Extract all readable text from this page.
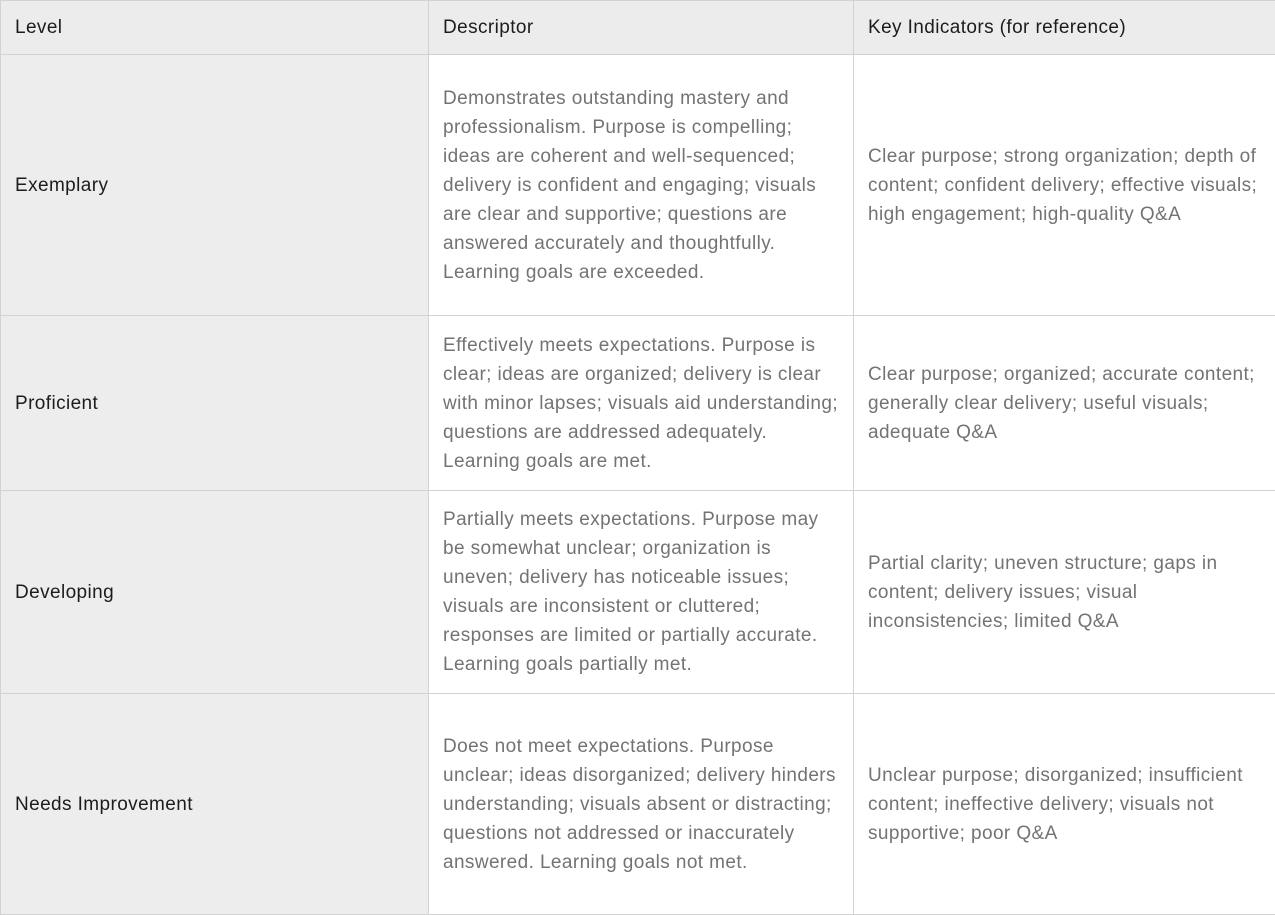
Level	Descriptor	Key Indicators (for reference)
Exemplary	Demonstrates outstanding mastery and professionalism. Purpose is compelling; ideas are coherent and well-sequenced; delivery is confident and engaging; visuals are clear and supportive; questions are answered accurately and thoughtfully. Learning goals are exceeded.	Clear purpose; strong organization; depth of content; confident delivery; effective visuals; high engagement; high-quality Q&A
Proficient	Effectively meets expectations. Purpose is clear; ideas are organized; delivery is clear with minor lapses; visuals aid understanding; questions are addressed adequately. Learning goals are met.	Clear purpose; organized; accurate content; generally clear delivery; useful visuals; adequate Q&A
Developing	Partially meets expectations. Purpose may be somewhat unclear; organization is uneven; delivery has noticeable issues; visuals are inconsistent or cluttered; responses are limited or partially accurate. Learning goals partially met.	Partial clarity; uneven structure; gaps in content; delivery issues; visual inconsistencies; limited Q&A
Needs Improvement	Does not meet expectations. Purpose unclear; ideas disorganized; delivery hinders understanding; visuals absent or distracting; questions not addressed or inaccurately answered. Learning goals not met.	Unclear purpose; disorganized; insufficient content; ineffective delivery; visuals not supportive; poor Q&A
